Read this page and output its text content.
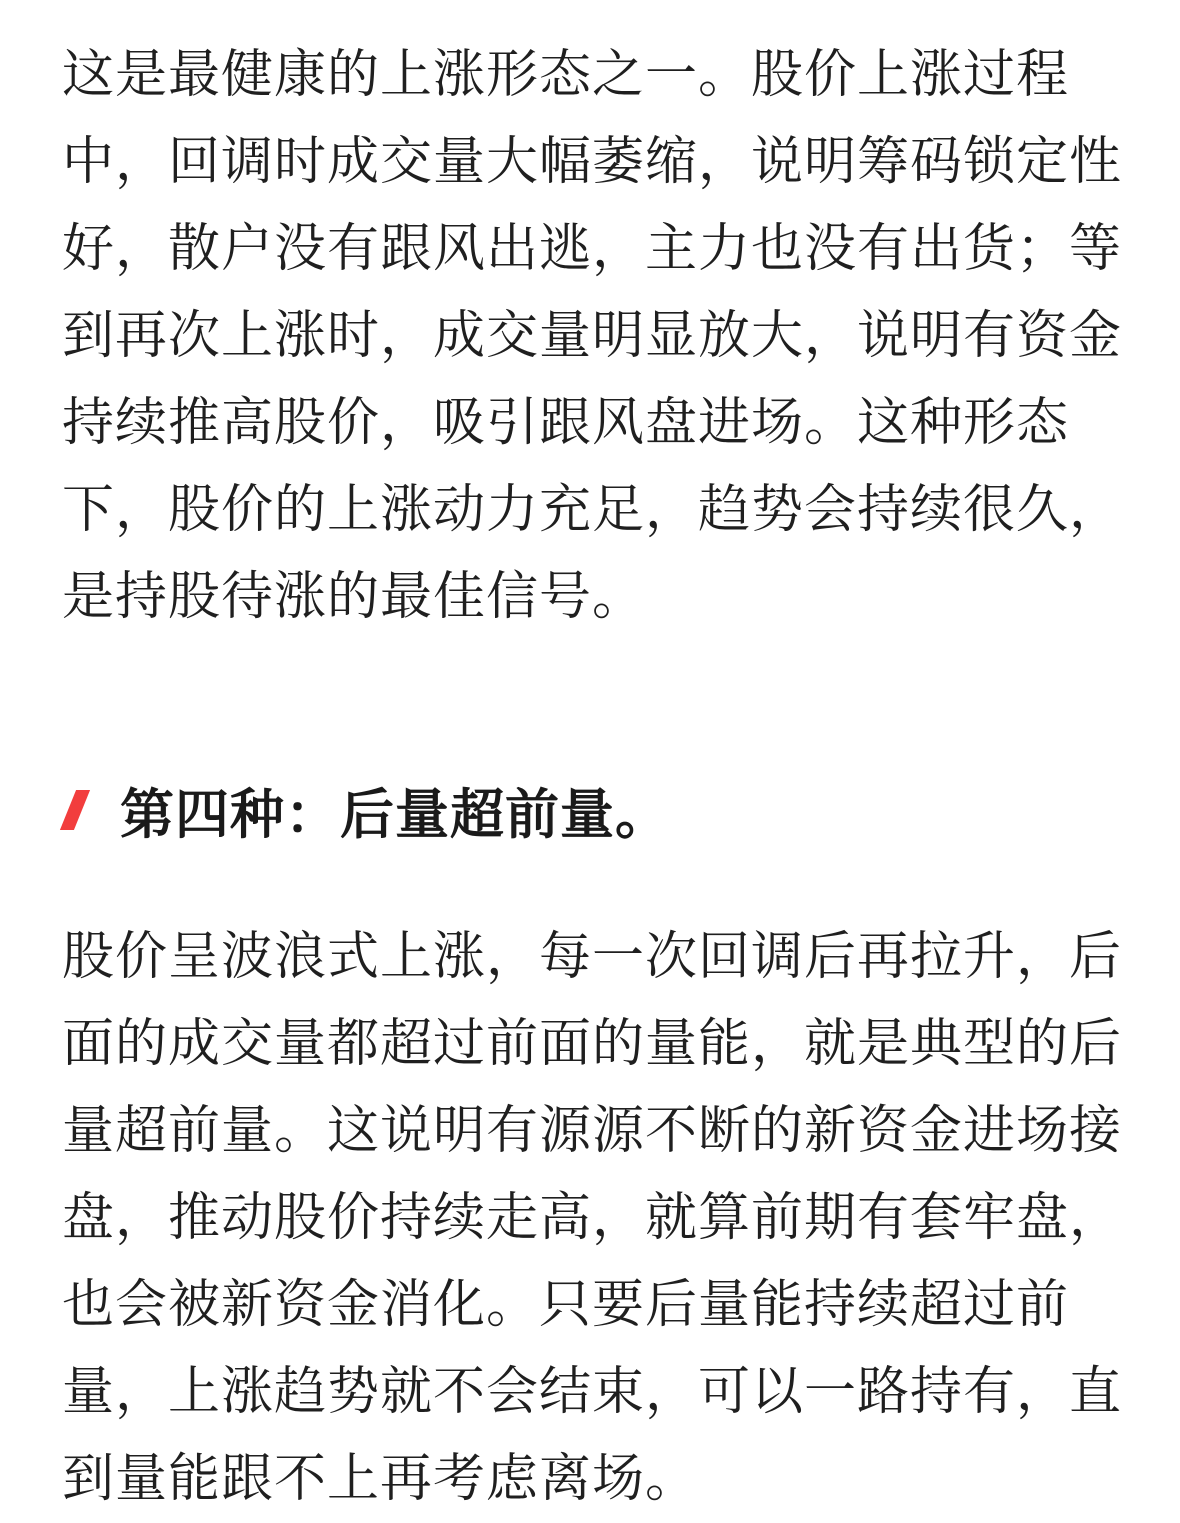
这是最健康的上涨形态之一。股价上涨过程
中，回调时成交量大幅萎缩，说明筹码锁定性
好，散户没有跟风出逃，主力也没有出货；等
到再次上涨时，成交量明显放大，说明有资金
持续推高股价，吸引跟风盘进场。这种形态
下，股价的上涨动力充足，趋势会持续很久，
是持股待涨的最佳信号。

第四种：后量超前量。

股价呈波浪式上涨，每一次回调后再拉升，后
面的成交量都超过前面的量能，就是典型的后
量超前量。这说明有源源不断的新资金进场接
盘，推动股价持续走高，就算前期有套牢盘，
也会被新资金消化。只要后量能持续超过前
量，上涨趋势就不会结束，可以一路持有，直
到量能跟不上再考虑离场。
